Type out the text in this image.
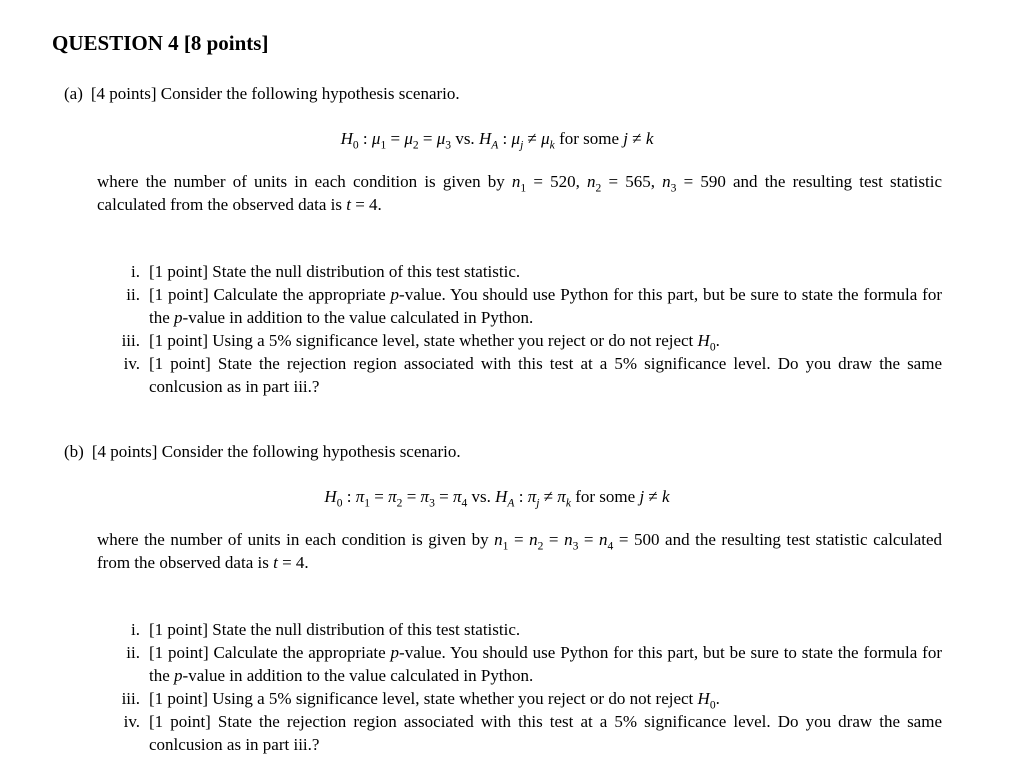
QUESTION 4 [8 points]
(a) [4 points] Consider the following hypothesis scenario.
$H_0$ : $\mu_1 = \mu_2 = \mu_3$ vs. $H_A$ : $\mu_j \ne \mu_k$ for some j ≠ k

where the number of units in each condition is given by $n_1 = 520$, $n_2 = 565$, $n_3 = 590$ and the resulting test statistic calculated from the observed data is t = 4.

i. [1 point] State the null distribution of this test statistic.
ii. [1 point] Calculate the appropriate p-value. You should use Python for this part, but be sure to state the formula for the p-value in addition to the value calculated in Python.
iii. [1 point] Using a 5% significance level, state whether you reject or do not reject $H_0$.
iv. [1 point] State the rejection region associated with this test at a 5% significance level. Do you draw the same conlcusion as in part iii.?
(b) [4 points] Consider the following hypothesis scenario.
$H_0$ : $\pi_1 = \pi_2 = \pi_3 = \pi_4$ vs. $H_A$ : $\pi_j \ne \pi_k$ for some j ≠ k

where the number of units in each condition is given by $n_1 = n_2 = n_3 = n_4 = 500$ and the resulting test statistic calculated from the observed data is t = 4.

i. [1 point] State the null distribution of this test statistic.
ii. [1 point] Calculate the appropriate p-value. You should use Python for this part, but be sure to state the formula for the p-value in addition to the value calculated in Python.
iii. [1 point] Using a 5% significance level, state whether you reject or do not reject $H_0$.
iv. [1 point] State the rejection region associated with this test at a 5% significance level. Do you draw the same conlcusion as in part iii.?
